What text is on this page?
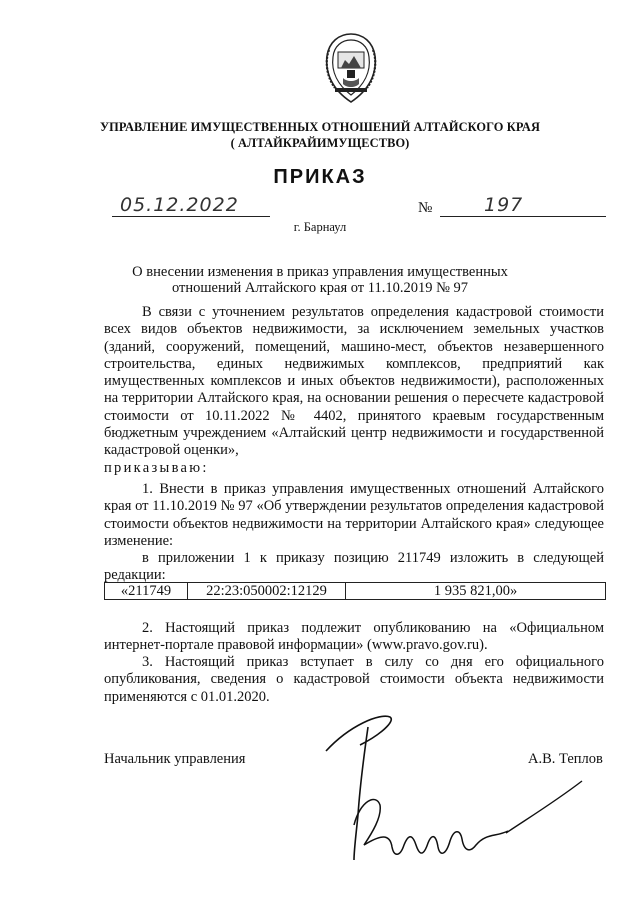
УПРАВЛЕНИЕ ИМУЩЕСТВЕННЫХ ОТНОШЕНИЙ АЛТАЙСКОГО КРАЯ
( АЛТАЙКРАЙИМУЩЕСТВО)
ПРИКАЗ
05.12.2022	№	197
г. Барнаул
О внесении изменения в приказ управления имущественных
отношений Алтайского края от 11.10.2019 № 97
В связи с уточнением результатов определения кадастровой стоимости всех видов объектов недвижимости, за исключением земельных участков (зданий, сооружений, помещений, машино-мест, объектов незавершенного строительства, единых недвижимых комплексов, предприятий как имущественных комплексов и иных объектов недвижимости), расположенных на территории Алтайского края, на основании решения о пересчете кадастровой стоимости от 10.11.2022 № 4402, принятого краевым государственным бюджетным учреждением «Алтайский центр недвижимости и государственной кадастровой оценки»,
приказываю:
1. Внести в приказ управления имущественных отношений Алтайского края от 11.10.2019 № 97 «Об утверждении результатов определения кадастровой стоимости объектов недвижимости на территории Алтайского края» следующее изменение:
в приложении 1 к приказу позицию 211749 изложить в следующей редакции:
«211749	22:23:050002:12129	1 935 821,00»
2. Настоящий приказ подлежит опубликованию на «Официальном интернет-портале правовой информации» (www.pravo.gov.ru).
3. Настоящий приказ вступает в силу со дня его официального опубликования, сведения о кадастровой стоимости объекта недвижимости применяются с 01.01.2020.
Начальник управления	А.В. Теплов
